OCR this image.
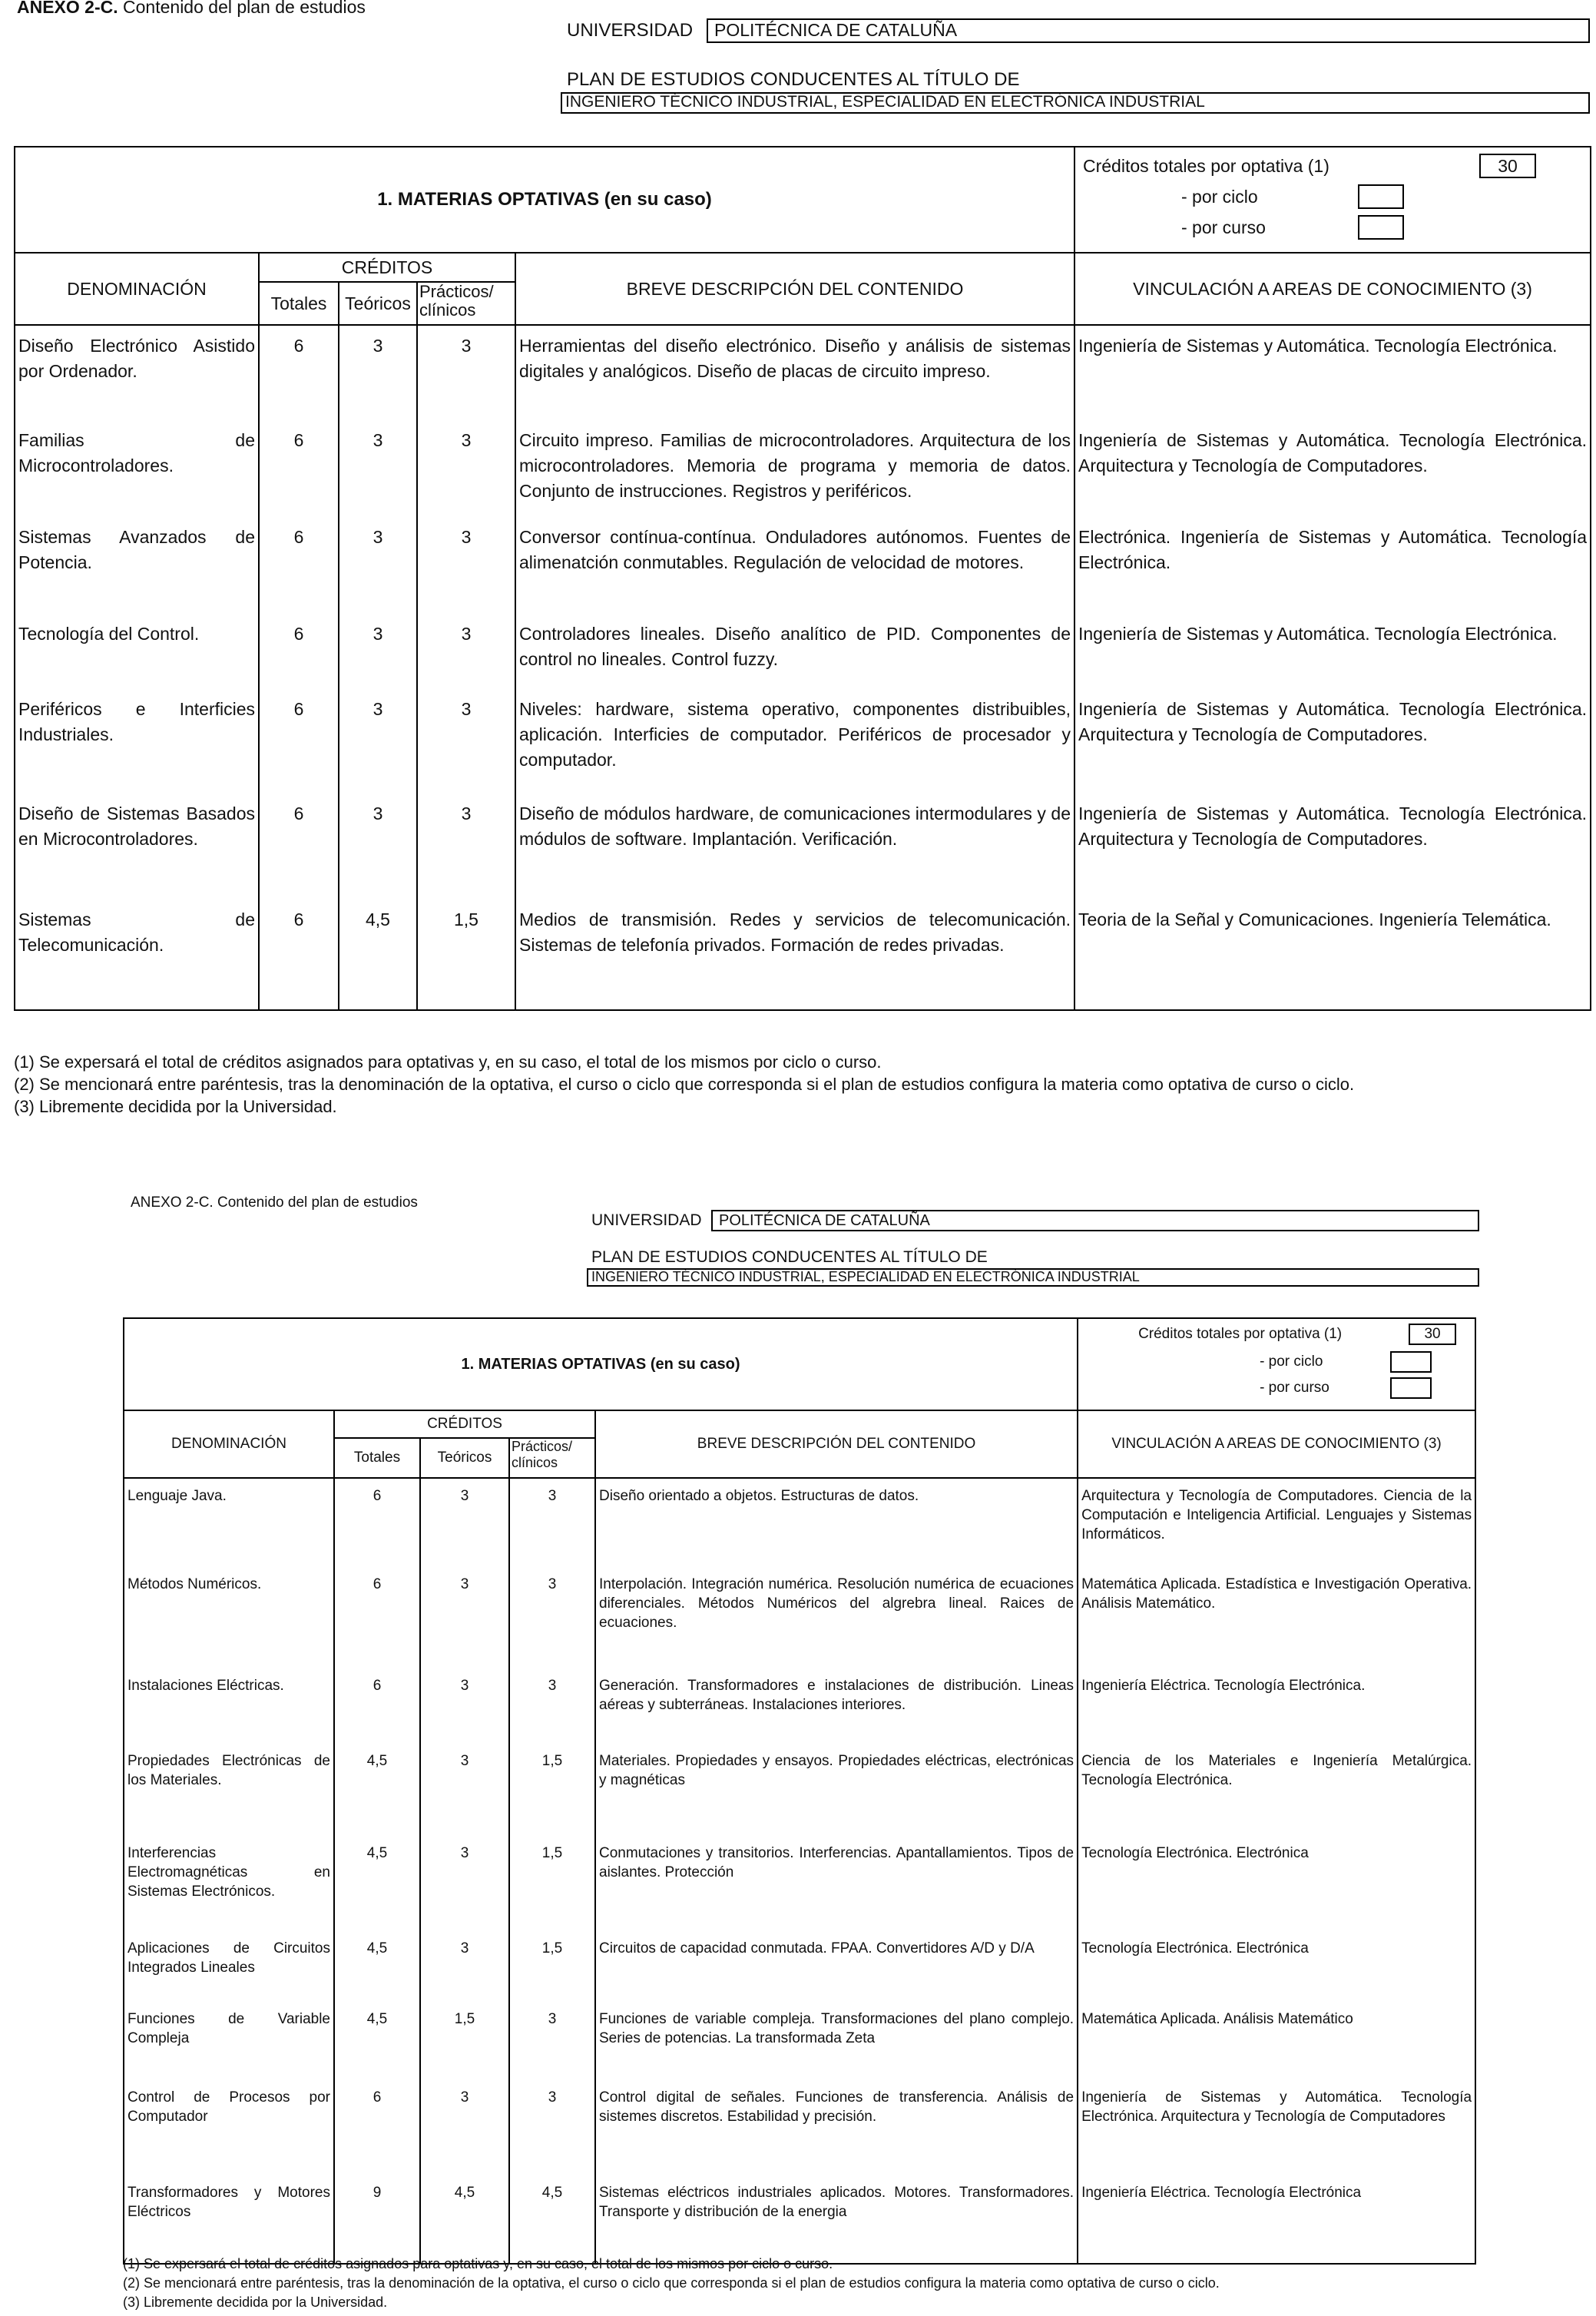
ANEXO 2-C. Contenido del plan de estudios
UNIVERSIDAD	POLITÉCNICA DE CATALUÑA
PLAN DE ESTUDIOS CONDUCENTES AL TÍTULO DE
INGENIERO TÉCNICO INDUSTRIAL, ESPECIALIDAD EN ELECTRÓNICA INDUSTRIAL
1. MATERIAS OPTATIVAS (en su caso)					Créditos totales por optativa (1) 30
- por ciclo
- por curso

DENOMINACIÓN	CRÉDITOS			BREVE DESCRIPCIÓN DEL CONTENIDO	VINCULACIÓN A AREAS DE CONOCIMIENTO (3)
	Totales	Teóricos	Prácticos/ clínicos		
Diseño Electrónico Asistido por Ordenador.	6	3	3	Herramientas del diseño electrónico. Diseño y análisis de sistemas digitales y analógicos. Diseño de placas de circuito impreso.	Ingeniería de Sistemas y Automática. Tecnología Electrónica.
Familias de Microcontroladores.	6	3	3	Circuito impreso. Familias de microcontroladores. Arquitectura de los microcontroladores. Memoria de programa y memoria de datos. Conjunto de instrucciones. Registros y periféricos.	Ingeniería de Sistemas y Automática. Tecnología Electrónica. Arquitectura y Tecnología de Computadores.
Sistemas Avanzados de Potencia.	6	3	3	Conversor contínua-contínua. Onduladores autónomos. Fuentes de alimenatción conmutables. Regulación de velocidad de motores.	Electrónica. Ingeniería de Sistemas y Automática. Tecnología Electrónica.
Tecnología del Control.	6	3	3	Controladores lineales. Diseño analítico de PID. Componentes de control no lineales. Control fuzzy.	Ingeniería de Sistemas y Automática. Tecnología Electrónica.
Periféricos e Interficies Industriales.	6	3	3	Niveles: hardware, sistema operativo, componentes distribuibles, aplicación. Interficies de computador. Periféricos de procesador y computador.	Ingeniería de Sistemas y Automática. Tecnología Electrónica. Arquitectura y Tecnología de Computadores.
Diseño de Sistemas Basados en Microcontroladores.	6	3	3	Diseño de módulos hardware, de comunicaciones intermodulares y de módulos de software. Implantación. Verificación.	Ingeniería de Sistemas y Automática. Tecnología Electrónica. Arquitectura y Tecnología de Computadores.
Sistemas de Telecomunicación.	6	4,5	1,5	Medios de transmisión. Redes y servicios de telecomunicación. Sistemas de telefonía privados. Formación de redes privadas.	Teoria de la Señal y Comunicaciones. Ingeniería Telemática.
(1) Se expersará el total de créditos asignados para optativas y, en su caso, el total de los mismos por ciclo o curso.
(2) Se mencionará entre paréntesis, tras la denominación de la optativa, el curso o ciclo que corresponda si el plan de estudios configura la materia como optativa de curso o ciclo.
(3) Libremente decidida por la Universidad.
ANEXO 2-C. Contenido del plan de estudios
UNIVERSIDAD	POLITÉCNICA DE CATALUÑA
PLAN DE ESTUDIOS CONDUCENTES AL TÍTULO DE
INGENIERO TÉCNICO INDUSTRIAL, ESPECIALIDAD EN ELECTRÓNICA INDUSTRIAL
1. MATERIAS OPTATIVAS (en su caso)					Créditos totales por optativa (1) 30
- por ciclo
- por curso

DENOMINACIÓN	CRÉDITOS			BREVE DESCRIPCIÓN DEL CONTENIDO	VINCULACIÓN A AREAS DE CONOCIMIENTO (3)
	Totales	Teóricos	Prácticos/ clínicos		
Lenguaje Java.	6	3	3	Diseño orientado a objetos. Estructuras de datos.	Arquitectura y Tecnología de Computadores. Ciencia de la Computación e Inteligencia Artificial. Lenguajes y Sistemas Informáticos.
Métodos Numéricos.	6	3	3	Interpolación. Integración numérica. Resolución numérica de ecuaciones diferenciales. Métodos Numéricos del algrebra lineal. Raices de ecuaciones.	Matemática Aplicada. Estadística e Investigación Operativa. Análisis Matemático.
Instalaciones Eléctricas.	6	3	3	Generación. Transformadores e instalaciones de distribución. Lineas aéreas y subterráneas. Instalaciones interiores.	Ingeniería Eléctrica. Tecnología Electrónica.
Propiedades Electrónicas de los Materiales.	4,5	3	1,5	Materiales. Propiedades y ensayos. Propiedades eléctricas, electrónicas y magnéticas	Ciencia de los Materiales e Ingeniería Metalúrgica. Tecnología Electrónica.
Interferencias Electromagnéticas en Sistemas Electrónicos.	4,5	3	1,5	Conmutaciones y transitorios. Interferencias. Apantallamientos. Tipos de aislantes. Protección	Tecnología Electrónica. Electrónica
Aplicaciones de Circuitos Integrados Lineales	4,5	3	1,5	Circuitos de capacidad conmutada. FPAA. Convertidores A/D y D/A	Tecnología Electrónica. Electrónica
Funciones de Variable Compleja	4,5	1,5	3	Funciones de variable compleja. Transformaciones del plano complejo. Series de potencias. La transformada Zeta	Matemática Aplicada. Análisis Matemático
Control de Procesos por Computador	6	3	3	Control digital de señales. Funciones de transferencia. Análisis de sistemes discretos. Estabilidad y precisión.	Ingeniería de Sistemas y Automática. Tecnología Electrónica. Arquitectura y Tecnología de Computadores
Transformadores y Motores Eléctricos	9	4,5	4,5	Sistemas eléctricos industriales aplicados. Motores. Transformadores. Transporte y distribución de la energia	Ingeniería Eléctrica. Tecnología Electrónica
(1) Se expersará el total de créditos asignados para optativas y, en su caso, el total de los mismos por ciclo o curso.
(2) Se mencionará entre paréntesis, tras la denominación de la optativa, el curso o ciclo que corresponda si el plan de estudios configura la materia como optativa de curso o ciclo.
(3) Libremente decidida por la Universidad.
